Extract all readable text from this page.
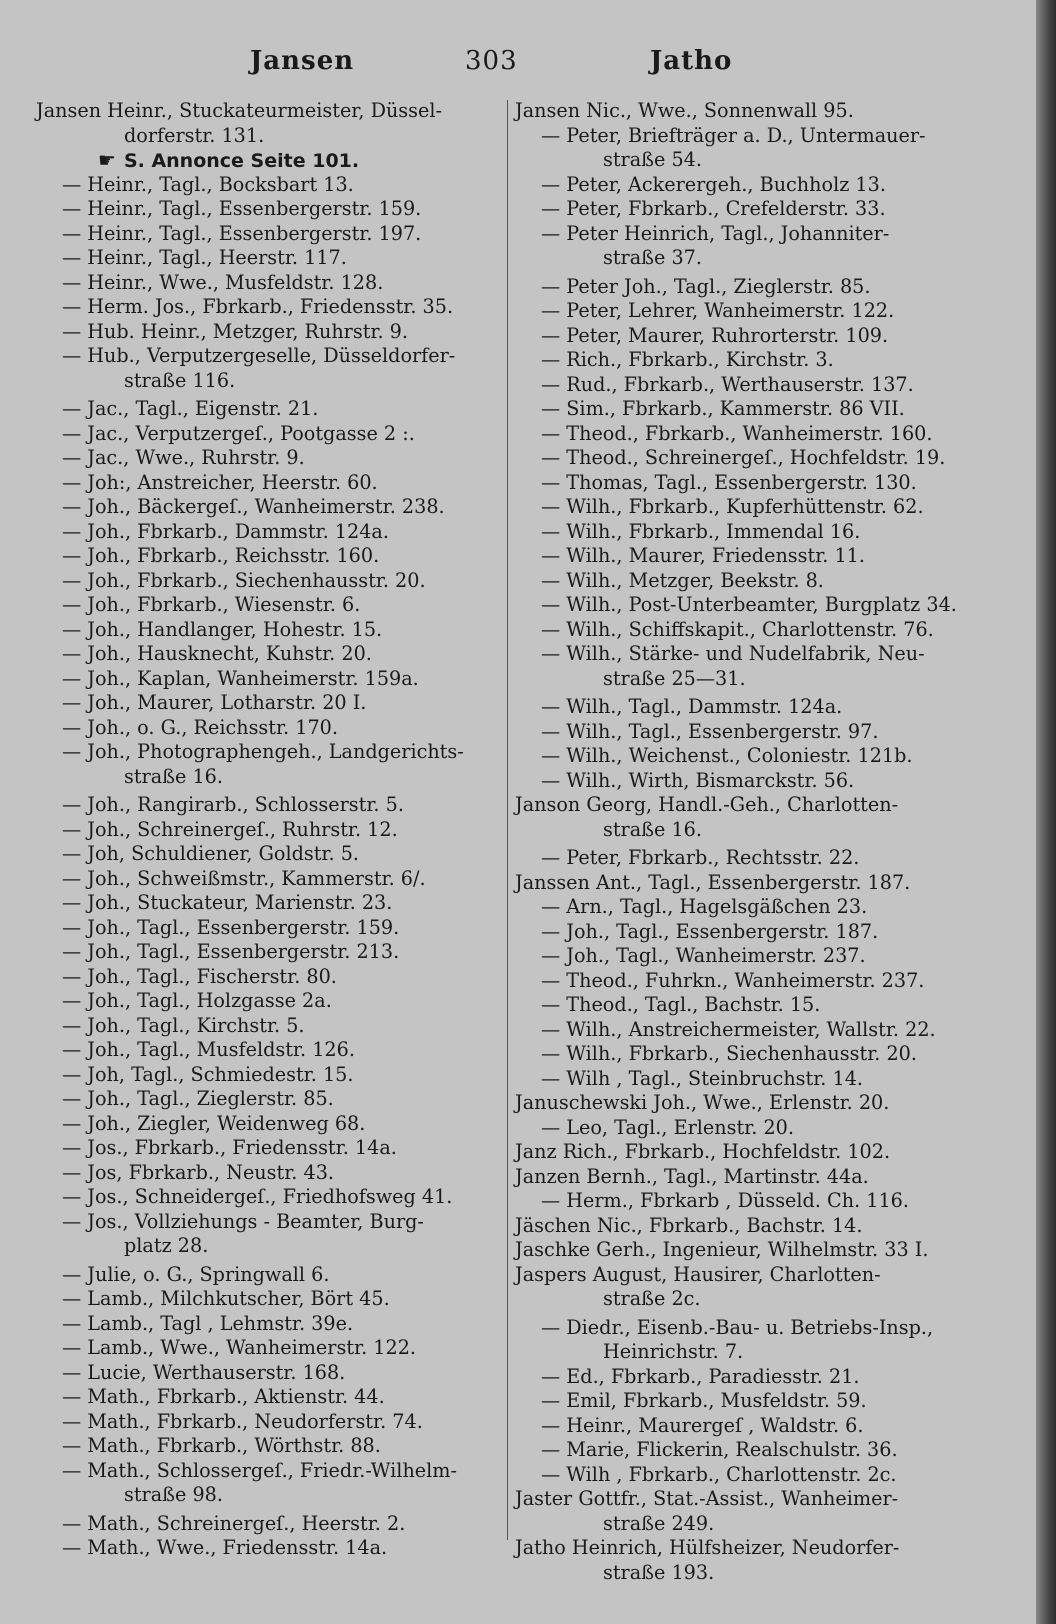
Jansen	303	Jatho
Jansen Heinr., Stuckateurmeister, Düssel-
dorferstr. 131.
☛ S. Annonce Seite 101.
— Heinr., Tagl., Bocksbart 13.
— Heinr., Tagl., Essenbergerstr. 159.
— Heinr., Tagl., Essenbergerstr. 197.
— Heinr., Tagl., Heerstr. 117.
— Heinr., Wwe., Musfeldstr. 128.
— Herm. Jos., Fbrkarb., Friedensstr. 35.
— Hub. Heinr., Metzger, Ruhrstr. 9.
— Hub., Verputzergeselle, Düsseldorfer-
straße 116.
— Jac., Tagl., Eigenstr. 21.
— Jac., Verputzergeſ., Pootgasse 2 :.
— Jac., Wwe., Ruhrstr. 9.
— Joh:, Anstreicher, Heerstr. 60.
— Joh., Bäckergeſ., Wanheimerstr. 238.
— Joh., Fbrkarb., Dammstr. 124a.
— Joh., Fbrkarb., Reichsstr. 160.
— Joh., Fbrkarb., Siechenhausstr. 20.
— Joh., Fbrkarb., Wiesenstr. 6.
— Joh., Handlanger, Hohestr. 15.
— Joh., Hausknecht, Kuhstr. 20.
— Joh., Kaplan, Wanheimerstr. 159a.
— Joh., Maurer, Lotharstr. 20 I.
— Joh., o. G., Reichsstr. 170.
— Joh., Photographengeh., Landgerichts-
straße 16.
— Joh., Rangirarb., Schlosserstr. 5.
— Joh., Schreinergeſ., Ruhrstr. 12.
— Joh, Schuldiener, Goldstr. 5.
— Joh., Schweißmstr., Kammerstr. 6/.
— Joh., Stuckateur, Marienstr. 23.
— Joh., Tagl., Essenbergerstr. 159.
— Joh., Tagl., Essenbergerstr. 213.
— Joh., Tagl., Fischerstr. 80.
— Joh., Tagl., Holzgasse 2a.
— Joh., Tagl., Kirchstr. 5.
— Joh., Tagl., Musfeldstr. 126.
— Joh, Tagl., Schmiedestr. 15.
— Joh., Tagl., Zieglerstr. 85.
— Joh., Ziegler, Weidenweg 68.
— Jos., Fbrkarb., Friedensstr. 14a.
— Jos, Fbrkarb., Neustr. 43.
— Jos., Schneidergeſ., Friedhofsweg 41.
— Jos., Vollziehungs - Beamter, Burg-
platz 28.
— Julie, o. G., Springwall 6.
— Lamb., Milchkutscher, Bört 45.
— Lamb., Tagl , Lehmstr. 39e.
— Lamb., Wwe., Wanheimerstr. 122.
— Lucie, Werthauserstr. 168.
— Math., Fbrkarb., Aktienstr. 44.
— Math., Fbrkarb., Neudorferstr. 74.
— Math., Fbrkarb., Wörthstr. 88.
— Math., Schlossergeſ., Friedr.-Wilhelm-
straße 98.
— Math., Schreinergeſ., Heerstr. 2.
— Math., Wwe., Friedensstr. 14a.
Jansen Nic., Wwe., Sonnenwall 95.
— Peter, Briefträger a. D., Untermauer-
straße 54.
— Peter, Ackerergeh., Buchholz 13.
— Peter, Fbrkarb., Crefelderstr. 33.
— Peter Heinrich, Tagl., Johanniter-
straße 37.
— Peter Joh., Tagl., Zieglerstr. 85.
— Peter, Lehrer, Wanheimerstr. 122.
— Peter, Maurer, Ruhrorterstr. 109.
— Rich., Fbrkarb., Kirchstr. 3.
— Rud., Fbrkarb., Werthauserstr. 137.
— Sim., Fbrkarb., Kammerstr. 86 VII.
— Theod., Fbrkarb., Wanheimerstr. 160.
— Theod., Schreinergeſ., Hochfeldstr. 19.
— Thomas, Tagl., Essenbergerstr. 130.
— Wilh., Fbrkarb., Kupferhüttenstr. 62.
— Wilh., Fbrkarb., Immendal 16.
— Wilh., Maurer, Friedensstr. 11.
— Wilh., Metzger, Beekstr. 8.
— Wilh., Post-Unterbeamter, Burgplatz 34.
— Wilh., Schiffskapit., Charlottenstr. 76.
— Wilh., Stärke- und Nudelfabrik, Neu-
straße 25—31.
— Wilh., Tagl., Dammstr. 124a.
— Wilh., Tagl., Essenbergerstr. 97.
— Wilh., Weichenst., Coloniestr. 121b.
— Wilh., Wirth, Bismarckstr. 56.
Janson Georg, Handl.-Geh., Charlotten-
straße 16.
— Peter, Fbrkarb., Rechtsstr. 22.
Janssen Ant., Tagl., Essenbergerstr. 187.
— Arn., Tagl., Hagelsgäßchen 23.
— Joh., Tagl., Essenbergerstr. 187.
— Joh., Tagl., Wanheimerstr. 237.
— Theod., Fuhrkn., Wanheimerstr. 237.
— Theod., Tagl., Bachstr. 15.
— Wilh., Anstreichermeister, Wallstr. 22.
— Wilh., Fbrkarb., Siechenhausstr. 20.
— Wilh , Tagl., Steinbruchstr. 14.
Januschewski Joh., Wwe., Erlenstr. 20.
— Leo, Tagl., Erlenstr. 20.
Janz Rich., Fbrkarb., Hochfeldstr. 102.
Janzen Bernh., Tagl., Martinstr. 44a.
— Herm., Fbrkarb , Düsseld. Ch. 116.
Jäschen Nic., Fbrkarb., Bachstr. 14.
Jaschke Gerh., Ingenieur, Wilhelmstr. 33 I.
Jaspers August, Hausirer, Charlotten-
straße 2c.
— Diedr., Eisenb.-Bau- u. Betriebs-Insp.,
Heinrichstr. 7.
— Ed., Fbrkarb., Paradiesstr. 21.
— Emil, Fbrkarb., Musfeldstr. 59.
— Heinr., Maurergeſ , Waldstr. 6.
— Marie, Flickerin, Realschulstr. 36.
— Wilh , Fbrkarb., Charlottenstr. 2c.
Jaster Gottfr., Stat.-Assist., Wanheimer-
straße 249.
Jatho Heinrich, Hülfsheizer, Neudorfer-
straße 193.
